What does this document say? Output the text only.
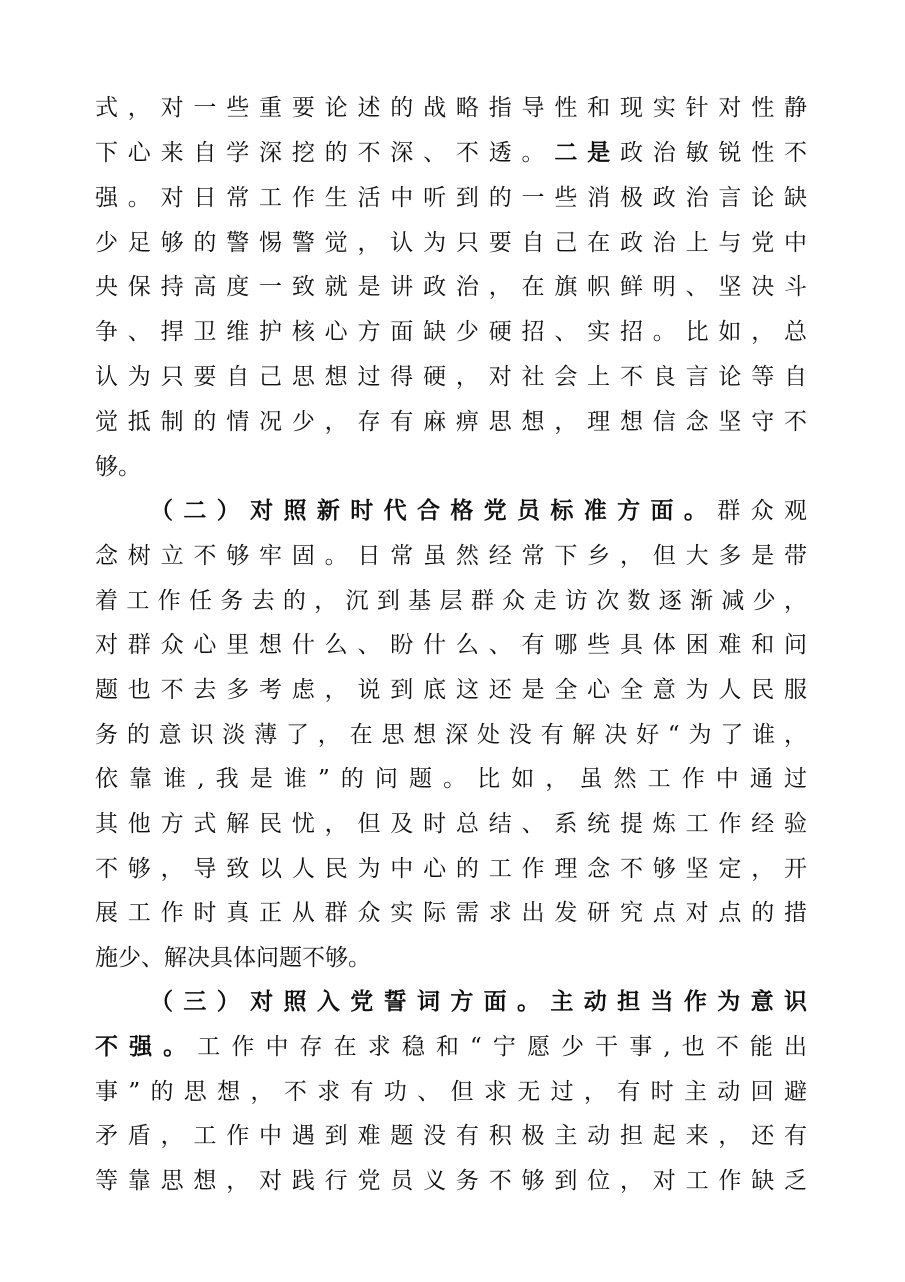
式，对一些重要论述的战略指导性和现实针对性静
下心来自学深挖的不深、不透。二是政治敏锐性不
强。对日常工作生活中听到的一些消极政治言论缺
少足够的警惕警觉，认为只要自己在政治上与党中
央保持高度一致就是讲政治，在旗帜鲜明、坚决斗
争、捍卫维护核心方面缺少硬招、实招。比如，总
认为只要自己思想过得硬，对社会上不良言论等自
觉抵制的情况少，存有麻痹思想，理想信念坚守不
够。
（二）对照新时代合格党员标准方面。群众观
念树立不够牢固。日常虽然经常下乡，但大多是带
着工作任务去的，沉到基层群众走访次数逐渐减少，
对群众心里想什么、盼什么、有哪些具体困难和问
题也不去多考虑，说到底这还是全心全意为人民服
务的意识淡薄了，在思想深处没有解决好“为了谁，
依靠谁,我是谁”的问题。比如，虽然工作中通过
其他方式解民忧，但及时总结、系统提炼工作经验
不够，导致以人民为中心的工作理念不够坚定，开
展工作时真正从群众实际需求出发研究点对点的措
施少、解决具体问题不够。
（三）对照入党誓词方面。主动担当作为意识
不强。工作中存在求稳和“宁愿少干事,也不能出
事”的思想，不求有功、但求无过，有时主动回避
矛盾，工作中遇到难题没有积极主动担起来，还有
等靠思想，对践行党员义务不够到位，对工作缺乏
